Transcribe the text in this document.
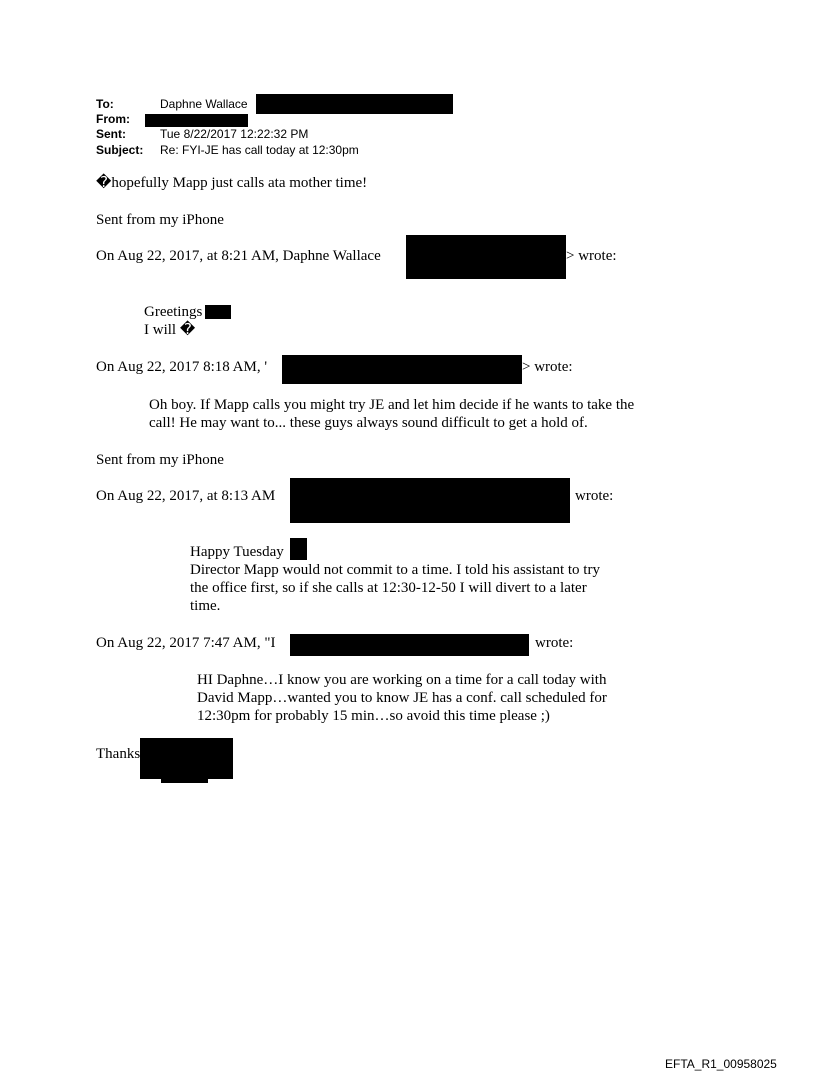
To:	Daphne Wallace
From:
Sent:	Tue 8/22/2017 12:22:32 PM
Subject: Re: FYI-JE has call today at 12:30pm
�hopefully Mapp just calls ata mother time!
Sent from my iPhone
On Aug 22, 2017, at 8:21 AM, Daphne Wallace	> wrote:
Greetings
I will �
On Aug 22, 2017 8:18 AM, '	> wrote:
Oh boy. If Mapp calls you might try JE and let him decide if he wants to take the
call! He may want to... these guys always sound difficult to get a hold of.
Sent from my iPhone
On Aug 22, 2017, at 8:13 AM	wrote:
Happy Tuesday
Director Mapp would not commit to a time. I told his assistant to try
the office first, so if she calls at 12:30-12-50 I will divert to a later
time.
On Aug 22, 2017 7:47 AM, "I	wrote:
HI Daphne…I know you are working on a time for a call today with
David Mapp…wanted you to know JE has a conf. call scheduled for
12:30pm for probably 15 min…so avoid this time please ;)
Thanks
EFTA_R1_00958025
